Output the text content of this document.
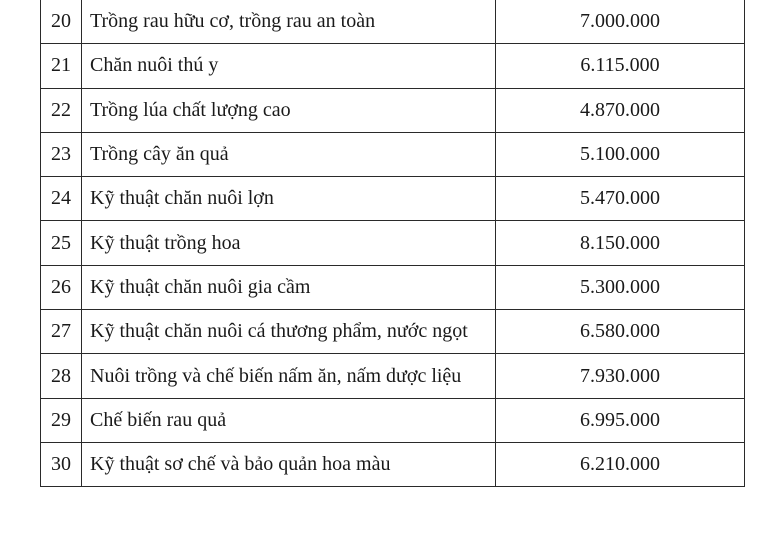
20	Trồng rau hữu cơ, trồng rau an toàn	7.000.000
21	Chăn nuôi thú y	6.115.000
22	Trồng lúa chất lượng cao	4.870.000
23	Trồng cây ăn quả	5.100.000
24	Kỹ thuật chăn nuôi lợn	5.470.000
25	Kỹ thuật trồng hoa	8.150.000
26	Kỹ thuật chăn nuôi gia cầm	5.300.000
27	Kỹ thuật chăn nuôi cá thương phẩm, nước ngọt	6.580.000
28	Nuôi trồng và chế biến nấm ăn, nấm dược liệu	7.930.000
29	Chế biến rau quả	6.995.000
30	Kỹ thuật sơ chế và bảo quản hoa màu	6.210.000
